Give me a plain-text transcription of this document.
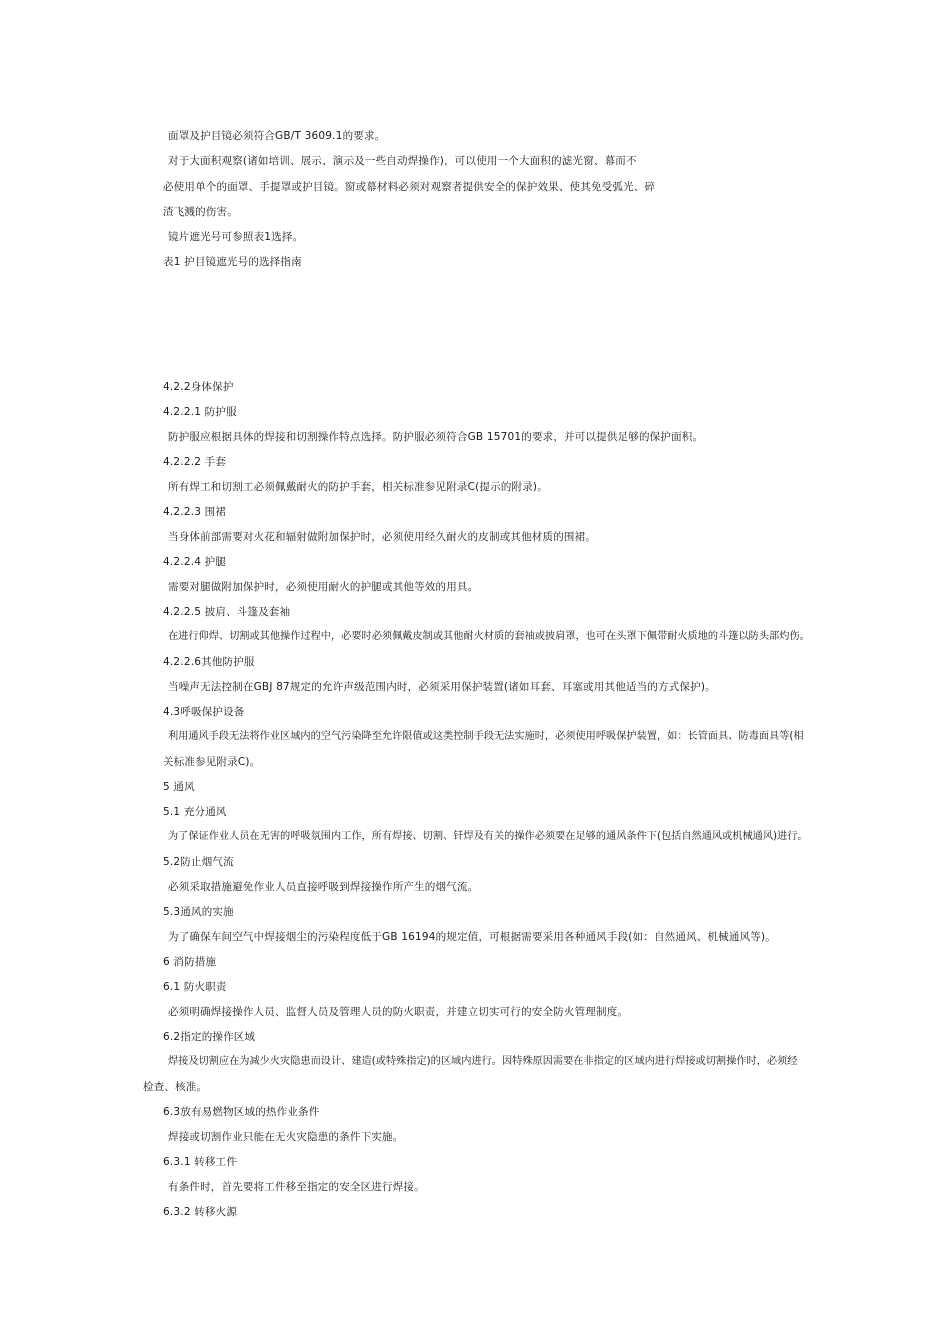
面罩及护目镜必须符合GB/T 3609.1的要求。
对于大面积观察(诸如培训、展示、演示及一些自动焊操作)，可以使用一个大面积的滤光窗、幕而不
必使用单个的面罩、手提罩或护目镜。窗或幕材料必须对观察者提供安全的保护效果、使其免受弧光、碎
渣飞溅的伤害。
镜片遮光号可参照表1选择。
表1 护目镜遮光号的选择指南
4.2.2身体保护
4.2.2.1 防护服
防护服应根据具体的焊接和切割操作特点选择。防护服必须符合GB 15701的要求，并可以提供足够的保护面积。
4.2.2.2 手套
所有焊工和切割工必须佩戴耐火的防护手套，相关标准参见附录C(提示的附录)。
4.2.2.3 围裙
当身体前部需要对火花和辐射做附加保护时，必须使用经久耐火的皮制或其他材质的围裙。
4.2.2.4 护腿
需要对腿做附加保护时，必须使用耐火的护腿或其他等效的用具。
4.2.2.5 披肩、斗篷及套袖
在进行仰焊、切割或其他操作过程中，必要时必须佩戴皮制或其他耐火材质的套袖或披肩罩，也可在头罩下佩带耐火质地的斗篷以防头部灼伤。
4.2.2.6其他防护服
当噪声无法控制在GBJ 87规定的允许声级范围内时，必须采用保护装置(诸如耳套、耳塞或用其他适当的方式保护)。
4.3呼吸保护设备
利用通风手段无法将作业区域内的空气污染降至允许限值或这类控制手段无法实施时，必须使用呼吸保护装置，如：长管面具、防毒面具等(相
关标准参见附录C)。
5 通风
5.1 充分通风
为了保证作业人员在无害的呼吸氛围内工作，所有焊接、切割、钎焊及有关的操作必须要在足够的通风条件下(包括自然通风或机械通风)进行。
5.2防止烟气流
必须采取措施避免作业人员直接呼吸到焊接操作所产生的烟气流。
5.3通风的实施
为了确保车间空气中焊接烟尘的污染程度低于GB 16194的规定值，可根据需要采用各种通风手段(如：自然通风、机械通风等)。
6 消防措施
6.1 防火职责
必须明确焊接操作人员、监督人员及管理人员的防火职责，并建立切实可行的安全防火管理制度。
6.2指定的操作区域
焊接及切割应在为减少火灾隐患而设计、建造(或特殊指定)的区域内进行。因特殊原因需要在非指定的区域内进行焊接或切割操作时，必须经
检查、核准。
6.3放有易燃物区域的热作业条件
焊接或切割作业只能在无火灾隐患的条件下实施。
6.3.1 转移工件
有条件时，首先要将工件移至指定的安全区进行焊接。
6.3.2 转移火源
